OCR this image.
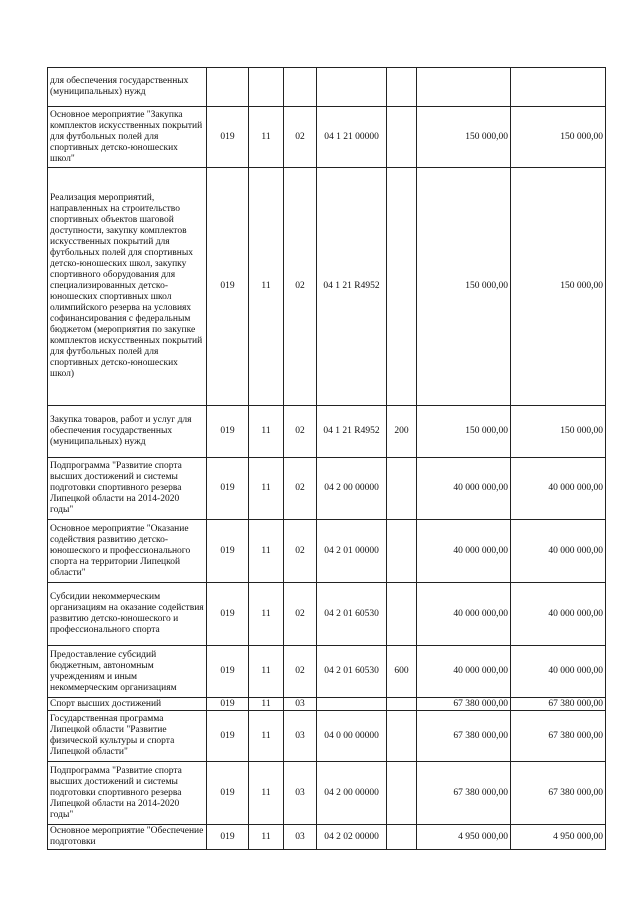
для обеспечения государственных (муниципальных) нужд							
Основное мероприятие "Закупка комплектов искусственных покрытий для футбольных полей для спортивных детско-юношеских школ"	019	11	02	04 1 21 00000		150 000,00	150 000,00
Реализация мероприятий, направленных на строительство спортивных объектов шаговой доступности, закупку комплектов искусственных покрытий для футбольных полей для спортивных детско-юношеских школ, закупку спортивного оборудования для специализированных детско-юношеских спортивных школ олимпийского резерва на условиях софинансирования с федеральным бюджетом (мероприятия по закупке комплектов искусственных покрытий для футбольных полей для спортивных детско-юношеских школ)	019	11	02	04 1 21 R4952		150 000,00	150 000,00
Закупка товаров, работ и услуг для обеспечения государственных (муниципальных) нужд	019	11	02	04 1 21 R4952	200	150 000,00	150 000,00
Подпрограмма "Развитие спорта высших достижений и системы подготовки спортивного резерва Липецкой области на 2014-2020 годы"	019	11	02	04 2 00 00000		40 000 000,00	40 000 000,00
Основное мероприятие "Оказание содействия развитию детско-юношеского и профессионального спорта на территории Липецкой области"	019	11	02	04 2 01 00000		40 000 000,00	40 000 000,00
Субсидии некоммерческим организациям на оказание содействия развитию детско-юношеского и профессионального спорта	019	11	02	04 2 01 60530		40 000 000,00	40 000 000,00
Предоставление субсидий бюджетным, автономным учреждениям и иным некоммерческим организациям	019	11	02	04 2 01 60530	600	40 000 000,00	40 000 000,00
Спорт высших достижений	019	11	03			67 380 000,00	67 380 000,00
Государственная программа Липецкой области "Развитие физической культуры и спорта Липецкой области"	019	11	03	04 0 00 00000		67 380 000,00	67 380 000,00
Подпрограмма "Развитие спорта высших достижений и системы подготовки спортивного резерва Липецкой области на 2014-2020 годы"	019	11	03	04 2 00 00000		67 380 000,00	67 380 000,00
Основное мероприятие "Обеспечение подготовки	019	11	03	04 2 02 00000		4 950 000,00	4 950 000,00
